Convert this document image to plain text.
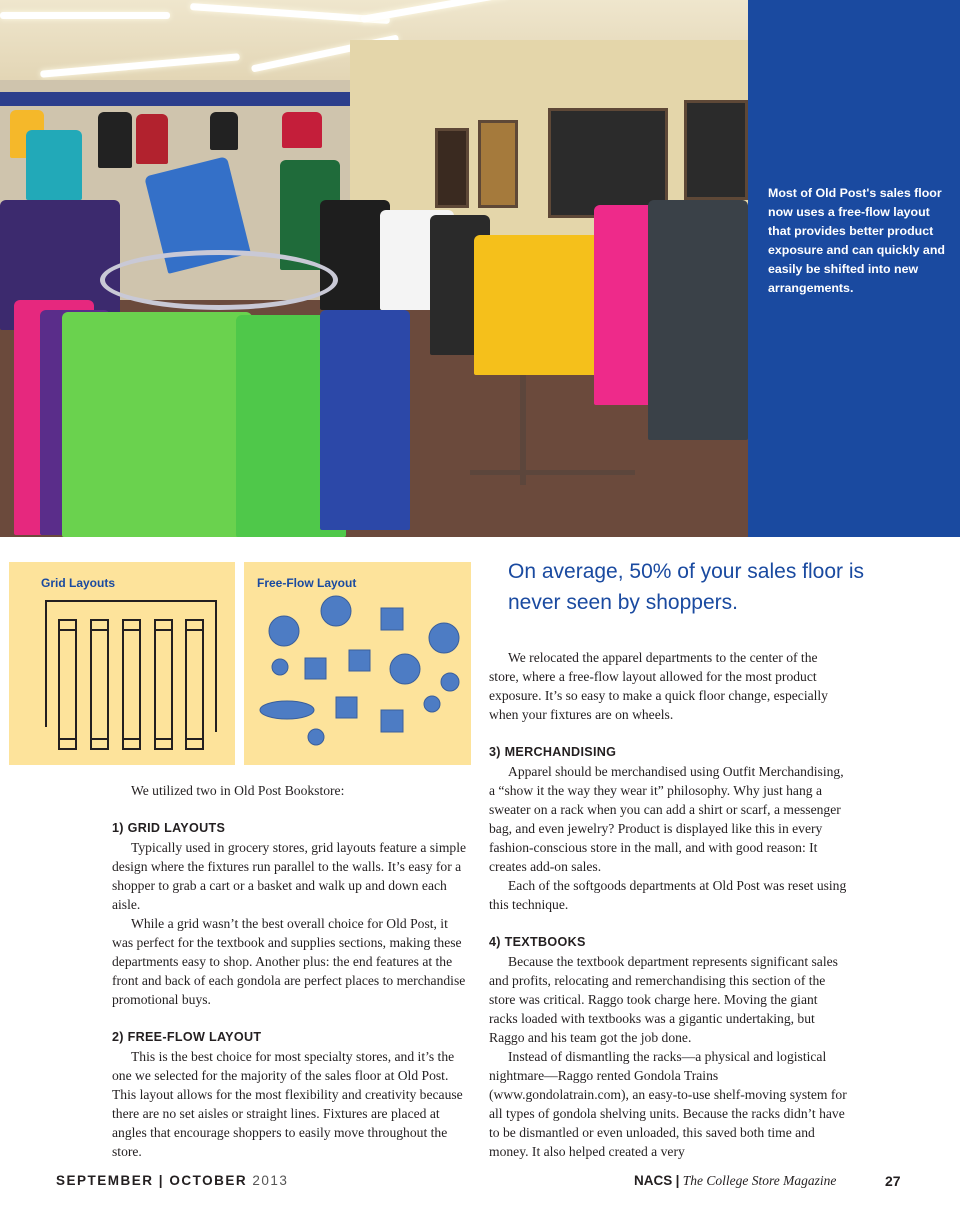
Most of Old Post's sales floor now uses a free-flow layout that provides better product exposure and can quickly and easily be shifted into new arrangements.
Grid Layouts	Free-Flow Layout	On average, 50% of your sales floor is never seen by shoppers.

We utilized two in Old Post Bookstore:

1) GRID LAYOUTS

Typically used in grocery stores, grid layouts feature a simple design where the fixtures run parallel to the walls. It’s easy for a shopper to grab a cart or a basket and walk up and down each aisle.

While a grid wasn’t the best overall choice for Old Post, it was perfect for the textbook and supplies sections, making these departments easy to shop. Another plus: the end features at the front and back of each gondola are perfect places to merchandise promotional buys.

2) FREE-FLOW LAYOUT

This is the best choice for most specialty stores, and it’s the one we selected for the majority of the sales floor at Old Post. This layout allows for the most flexibility and creativity because there are no set aisles or straight lines. Fixtures are placed at angles that encourage shoppers to easily move throughout the store.

We relocated the apparel departments to the center of the store, where a free-flow layout allowed for the most product exposure. It’s so easy to make a quick floor change, especially when your fixtures are on wheels.

3) MERCHANDISING

Apparel should be merchandised using Outfit Merchandising, a “show it the way they wear it” philosophy. Why just hang a sweater on a rack when you can add a shirt or scarf, a messenger bag, and even jewelry? Product is displayed like this in every fashion-conscious store in the mall, and with good reason: It creates add-on sales.

Each of the softgoods departments at Old Post was reset using this technique.

4) TEXTBOOKS

Because the textbook department represents significant sales and profits, relocating and remerchandising this section of the store was critical. Raggo took charge here. Moving the giant racks loaded with textbooks was a gigantic undertaking, but Raggo and his team got the job done.

Instead of dismantling the racks—a physical and logistical nightmare—Raggo rented Gondola Trains (www.gondolatrain.com), an easy-to-use shelf-moving system for all types of gondola shelving units. Because the racks didn’t have to be dismantled or even unloaded, this saved both time and money. It also helped created a very

SEPTEMBER | OCTOBER 2013	NACS | The College Store Magazine	27
